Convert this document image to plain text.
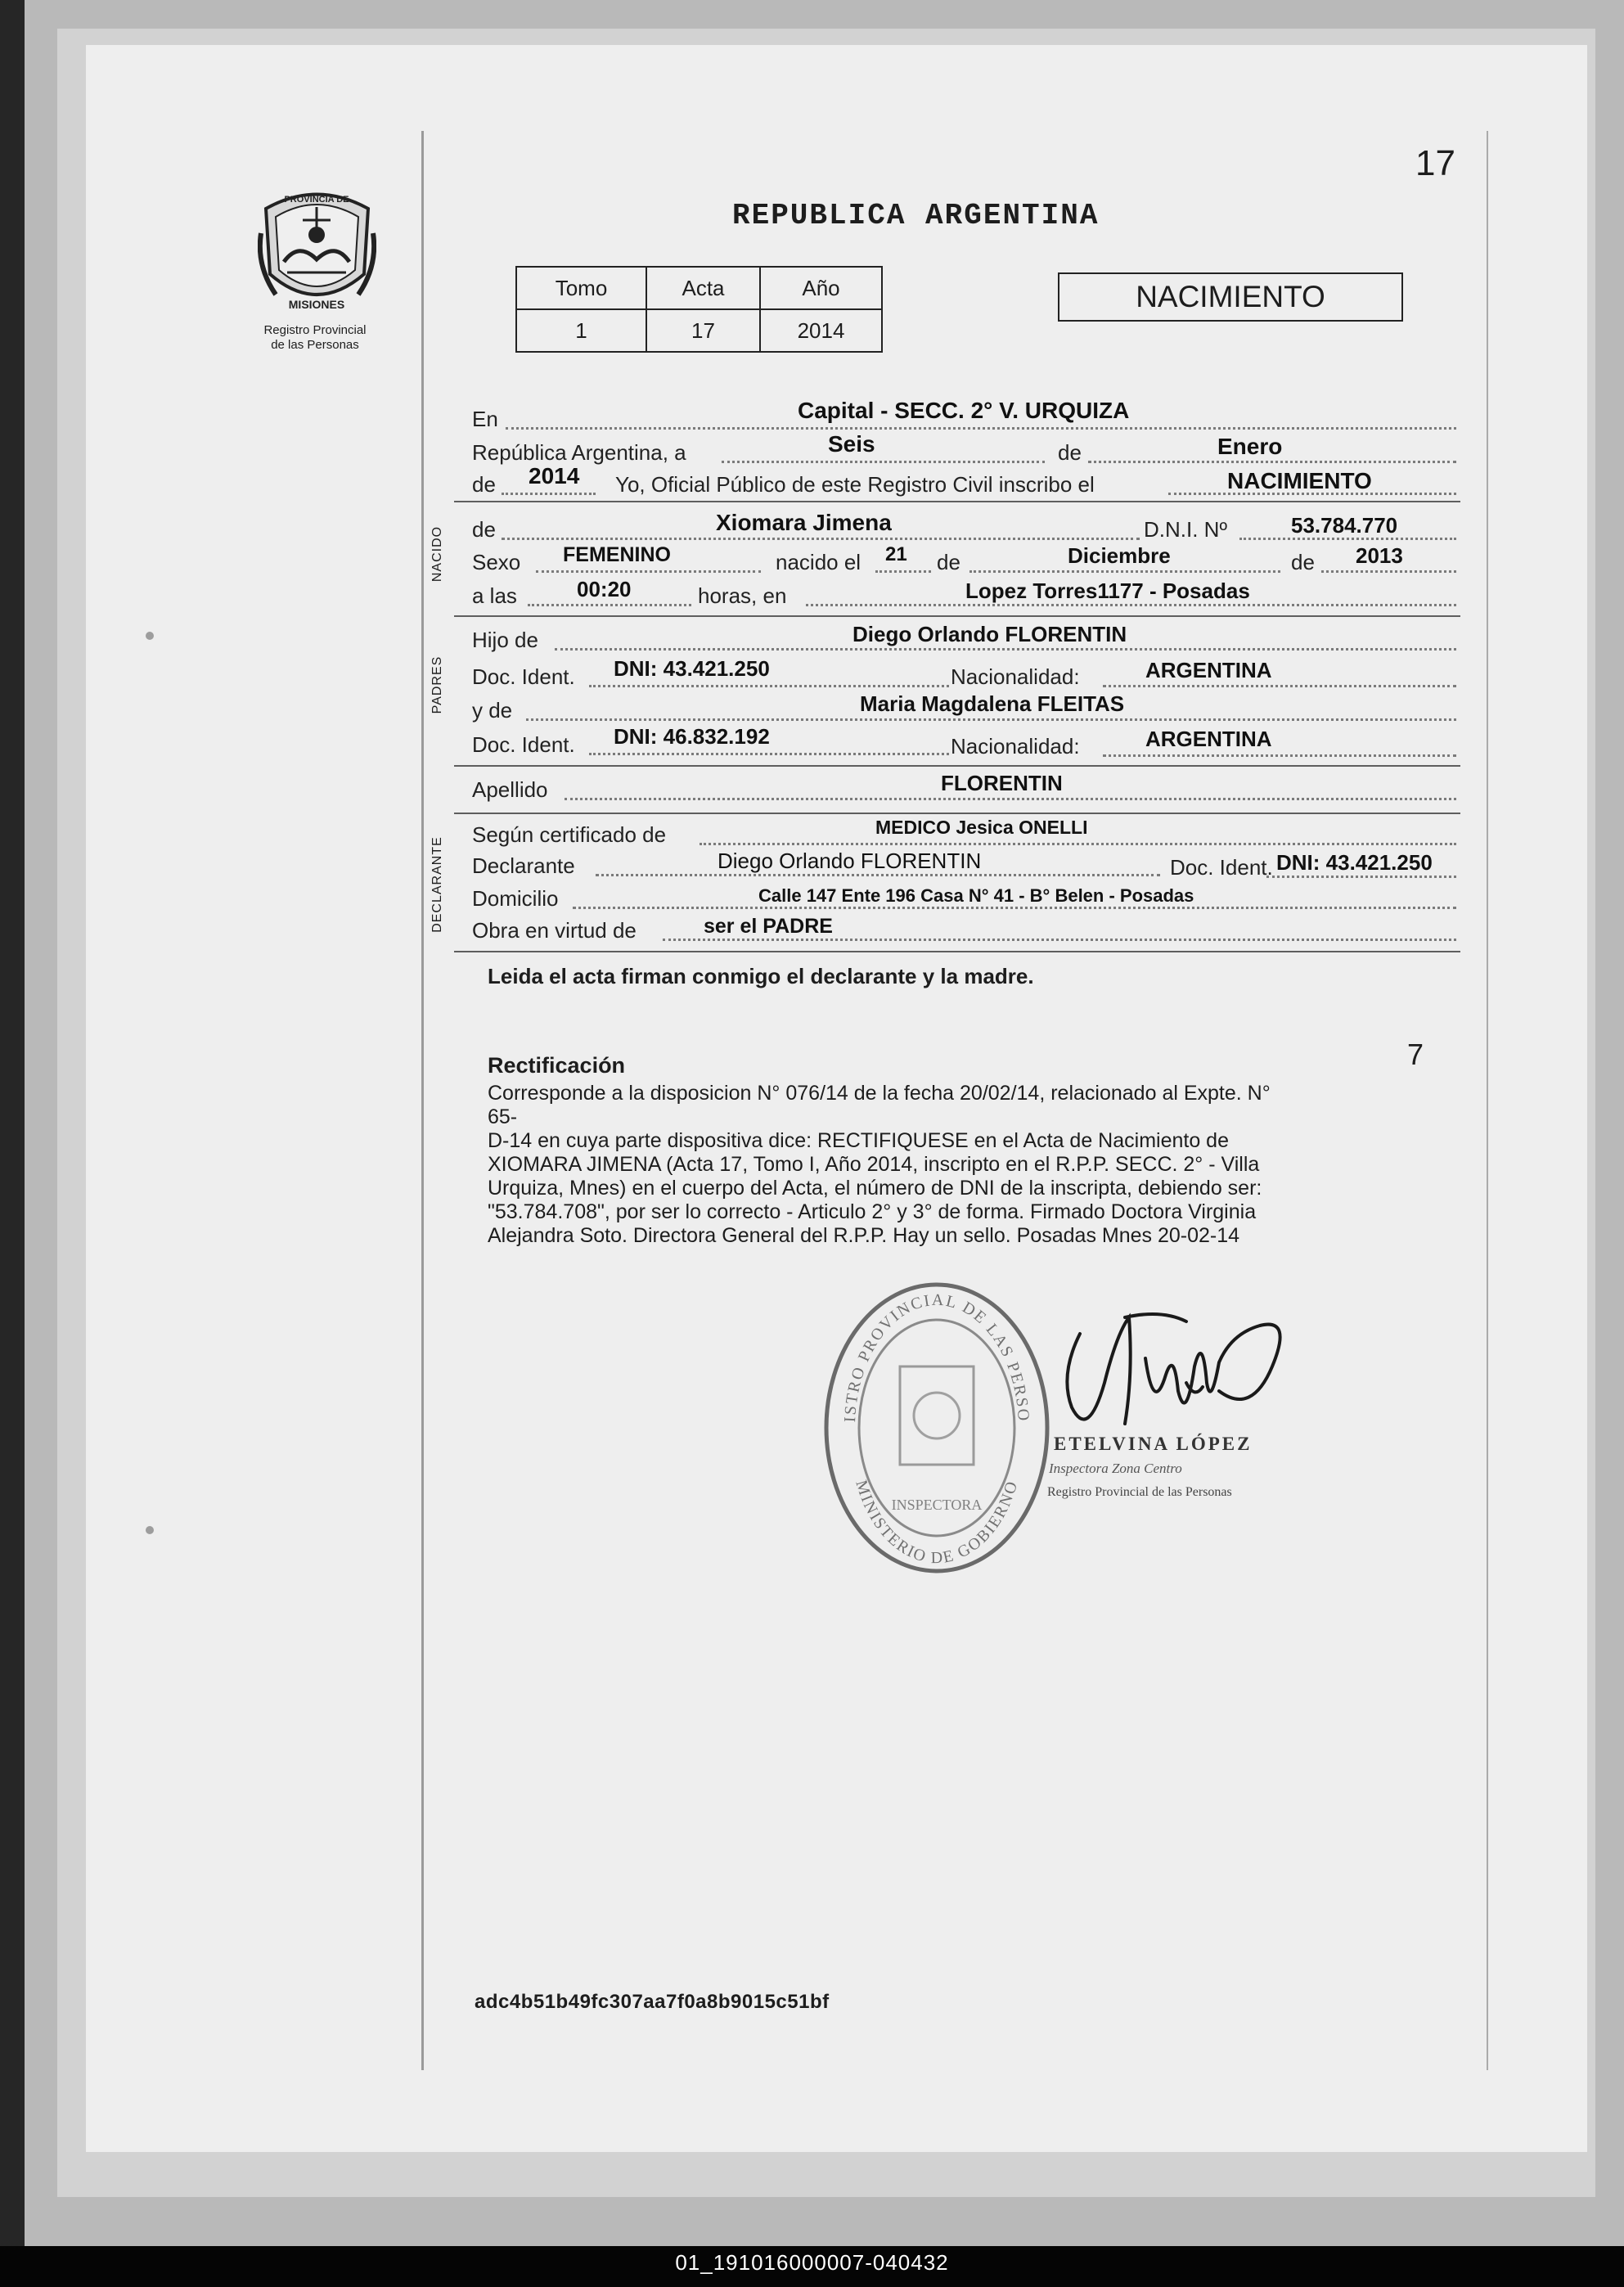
17
PROVINCIA DE
MISIONES
Registro Provincial
de las Personas
REPUBLICA ARGENTINA
Tomo	Acta	Año
1	17	2014
NACIMIENTO
En	Capital - SECC. 2° V. URQUIZA
República Argentina, a	Seis	de	Enero
de 2014 Yo, Oficial Público de este Registro Civil inscribo el	NACIMIENTO
NACIDO de	Xiomara Jimena	D.N.I. Nº	53.784.770
Sexo FEMENINO	nacido el 21 de	Diciembre	de 2013
a las	00:20	horas, en	Lopez Torres1177 - Posadas
PADRES
Hijo de	Diego Orlando FLORENTIN
Doc. Ident. DNI: 43.421.250	Nacionalidad:	ARGENTINA
y de	Maria Magdalena FLEITAS
Doc. Ident. DNI: 46.832.192	Nacionalidad:	ARGENTINA
Apellido	FLORENTIN
DECLARANTE
Según certificado de	MEDICO Jesica ONELLI
Declarante	Diego Orlando FLORENTIN	Doc. Ident. DNI: 43.421.250
Domicilio	Calle 147 Ente 196 Casa N° 41 - B° Belen - Posadas
Obra en virtud de	ser el PADRE
Leida el acta firman conmigo el declarante y la madre.
Rectificación	7
Corresponde a la disposicion N° 076/14 de la fecha 20/02/14, relacionado al Expte. N°
65-
D-14 en cuya parte dispositiva dice: RECTIFIQUESE en el Acta de Nacimiento de
XIOMARA JIMENA (Acta 17, Tomo I, Año 2014, inscripto en el R.P.P. SECC. 2° - Villa
Urquiza, Mnes) en el cuerpo del Acta, el número de DNI de la inscripta, debiendo ser:
"53.784.708", por ser lo correcto - Articulo 2° y 3° de forma. Firmado Doctora Virginia
Alejandra Soto. Directora General del R.P.P. Hay un sello. Posadas Mnes 20-02-14
ISTRO PROVINCIAL DE LAS PERSO
MINISTERIO DE GOBIERNO
INSPECTORA
ETELVINA LÓPEZ
Inspectora Zona Centro
Registro Provincial de las Personas
adc4b51b49fc307aa7f0a8b9015c51bf
01_191016000007-040432
